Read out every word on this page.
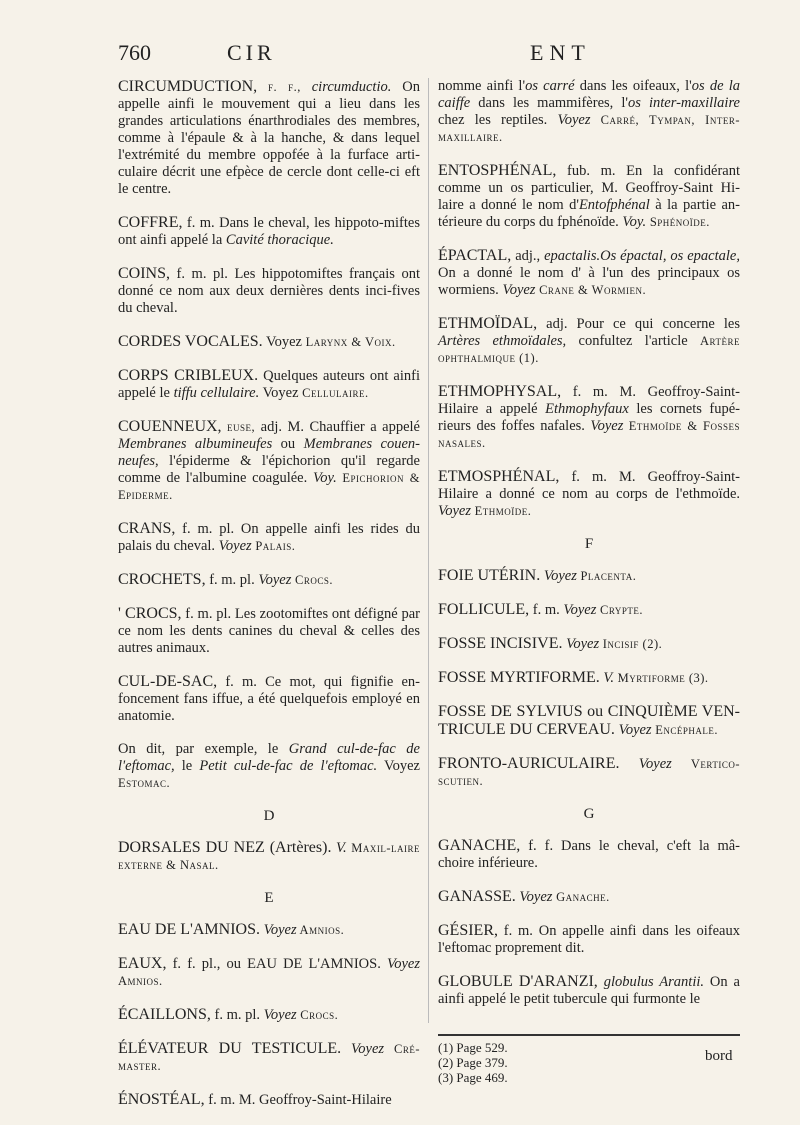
760	CIR	ENT

CIRCUMDUCTION, f. f., circumductio. On appelle ainfi le mouvement qui a lieu dans les grandes articulations énarthrodiales des membres, comme à l'épaule & à la hanche, & dans lequel l'extrémité du membre oppofée à la furface arti-culaire décrit une efpèce de cercle dont celle-ci eft le centre.

COFFRE, f. m. Dans le cheval, les hippoto-miftes ont ainfi appelé la Cavité thoracique.

COINS, f. m. pl. Les hippotomiftes français ont donné ce nom aux deux dernières dents inci-fives du cheval.

CORDES VOCALES. Voyez Larynx & Voix.

CORPS CRIBLEUX. Quelques auteurs ont ainfi appelé le tiffu cellulaire. Voyez Cellulaire.

COUENNEUX, euse, adj. M. Chauffier a appelé Membranes albumineufes ou Membranes couen-neufes, l'épiderme & l'épichorion qu'il regarde comme de l'albumine coagulée. Voy. Epichorion & Epiderme.

CRANS, f. m. pl. On appelle ainfi les rides du palais du cheval. Voyez Palais.

CROCHETS, f. m. pl. Voyez Crocs.

' CROCS, f. m. pl. Les zootomiftes ont défigné par ce nom les dents canines du cheval & celles des autres animaux.

CUL-DE-SAC, f. m. Ce mot, qui fignifie en-foncement fans iffue, a été quelquefois employé en anatomie.

On dit, par exemple, le Grand cul-de-fac de l'eftomac, le Petit cul-de-fac de l'eftomac. Voyez Estomac.

D

DORSALES DU NEZ (Artères). V. Maxil-laire externe & Nasal.

E

EAU DE L'AMNIOS. Voyez Amnios.

EAUX, f. f. pl., ou EAU DE L'AMNIOS. Voyez Amnios.

ÉCAILLONS, f. m. pl. Voyez Crocs.

ÉLÉVATEUR DU TESTICULE. Voyez Cré-master.

ÉNOSTÉAL, f. m. M. Geoffroy-Saint-Hilaire

nomme ainfi l'os carré dans les oifeaux, l'os de la caiffe dans les mammifères, l'os inter-maxillaire chez les reptiles. Voyez Carré, Tympan, Inter-maxillaire.

ENTOSPHÉNAL, fub. m. En la confidérant comme un os particulier, M. Geoffroy-Saint Hi-laire a donné le nom d'Entofphénal à la partie an-térieure du corps du fphénoïde. Voy. Sphénoïde.

ÉPACTAL, adj., epactalis.Os épactal, os epactale, On a donné le nom d' à l'un des principaux os wormiens. Voyez Crane & Wormien.

ETHMOÏDAL, adj. Pour ce qui concerne les Artères ethmoïdales, confultez l'article Artère ophthalmique (1).

ETHMOPHYSAL, f. m. M. Geoffroy-Saint-Hilaire a appelé Ethmophyfaux les cornets fupé-rieurs des foffes nafales. Voyez Ethmoïde & Fosses nasales.

ETMOSPHÉNAL, f. m. M. Geoffroy-Saint-Hilaire a donné ce nom au corps de l'ethmoïde. Voyez Ethmoïde.

F

FOIE UTÉRIN. Voyez Placenta.

FOLLICULE, f. m. Voyez Crypte.

FOSSE INCISIVE. Voyez Incisif (2).

FOSSE MYRTIFORME. V. Myrtiforme (3).

FOSSE DE SYLVIUS ou CINQUIÈME VEN-TRICULE DU CERVEAU. Voyez Encéphale.

FRONTO-AURICULAIRE. Voyez Vertico-scutien.

G

GANACHE, f. f. Dans le cheval, c'eft la mâ-choire inférieure.

GANASSE. Voyez Ganache.

GÉSIER, f. m. On appelle ainfi dans les oifeaux l'eftomac proprement dit.

GLOBULE D'ARANZI, globulus Arantii. On a ainfi appelé le petit tubercule qui furmonte le

(1) Page 529.

(2) Page 379.

(3) Page 469.

bord
